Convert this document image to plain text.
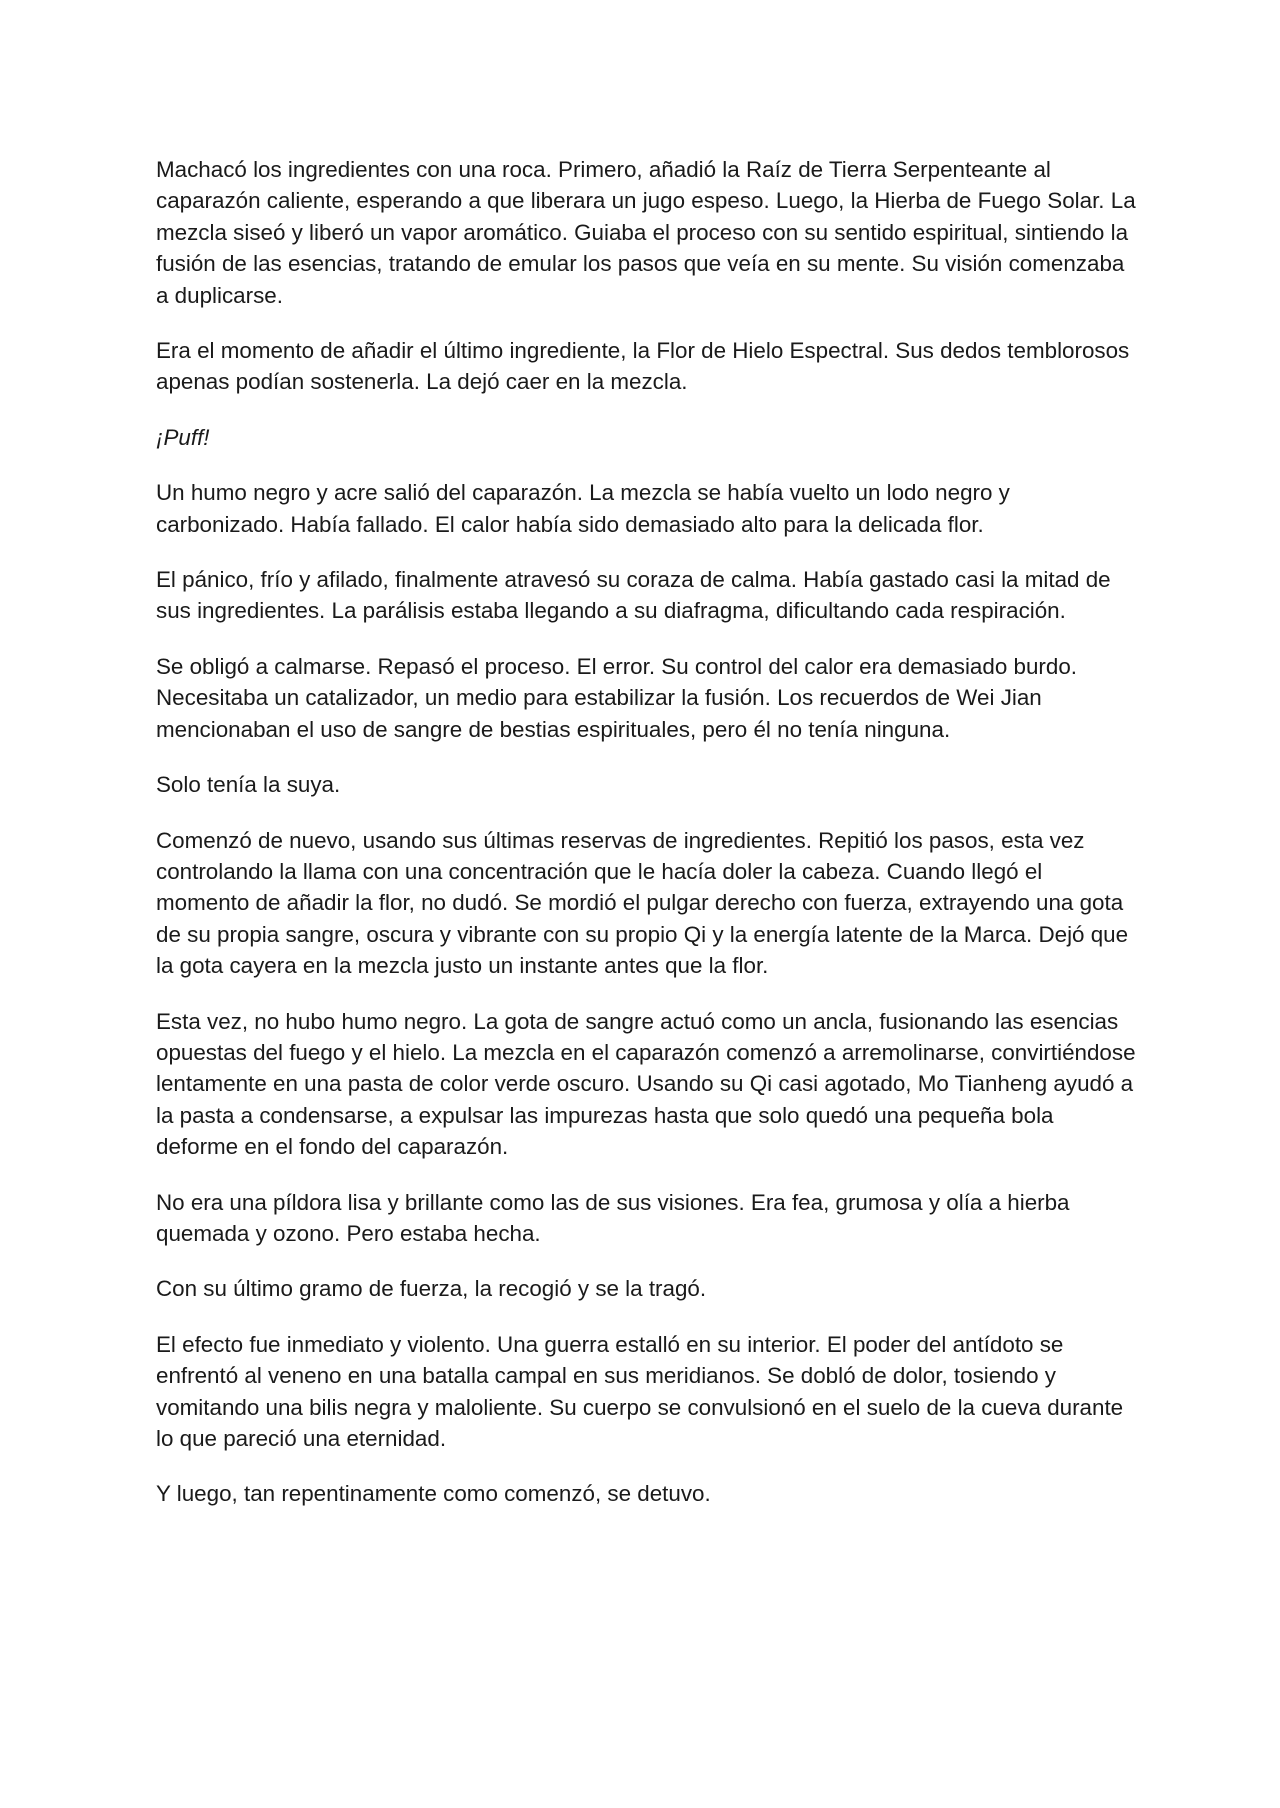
Machacó los ingredientes con una roca. Primero, añadió la Raíz de Tierra Serpenteante al caparazón caliente, esperando a que liberara un jugo espeso. Luego, la Hierba de Fuego Solar. La mezcla siseó y liberó un vapor aromático. Guiaba el proceso con su sentido espiritual, sintiendo la fusión de las esencias, tratando de emular los pasos que veía en su mente. Su visión comenzaba a duplicarse.

Era el momento de añadir el último ingrediente, la Flor de Hielo Espectral. Sus dedos temblorosos apenas podían sostenerla. La dejó caer en la mezcla.

¡Puff!

Un humo negro y acre salió del caparazón. La mezcla se había vuelto un lodo negro y carbonizado. Había fallado. El calor había sido demasiado alto para la delicada flor.

El pánico, frío y afilado, finalmente atravesó su coraza de calma. Había gastado casi la mitad de sus ingredientes. La parálisis estaba llegando a su diafragma, dificultando cada respiración.

Se obligó a calmarse. Repasó el proceso. El error. Su control del calor era demasiado burdo. Necesitaba un catalizador, un medio para estabilizar la fusión. Los recuerdos de Wei Jian mencionaban el uso de sangre de bestias espirituales, pero él no tenía ninguna.

Solo tenía la suya.

Comenzó de nuevo, usando sus últimas reservas de ingredientes. Repitió los pasos, esta vez controlando la llama con una concentración que le hacía doler la cabeza. Cuando llegó el momento de añadir la flor, no dudó. Se mordió el pulgar derecho con fuerza, extrayendo una gota de su propia sangre, oscura y vibrante con su propio Qi y la energía latente de la Marca. Dejó que la gota cayera en la mezcla justo un instante antes que la flor.

Esta vez, no hubo humo negro. La gota de sangre actuó como un ancla, fusionando las esencias opuestas del fuego y el hielo. La mezcla en el caparazón comenzó a arremolinarse, convirtiéndose lentamente en una pasta de color verde oscuro. Usando su Qi casi agotado, Mo Tianheng ayudó a la pasta a condensarse, a expulsar las impurezas hasta que solo quedó una pequeña bola deforme en el fondo del caparazón.

No era una píldora lisa y brillante como las de sus visiones. Era fea, grumosa y olía a hierba quemada y ozono. Pero estaba hecha.

Con su último gramo de fuerza, la recogió y se la tragó.

El efecto fue inmediato y violento. Una guerra estalló en su interior. El poder del antídoto se enfrentó al veneno en una batalla campal en sus meridianos. Se dobló de dolor, tosiendo y vomitando una bilis negra y maloliente. Su cuerpo se convulsionó en el suelo de la cueva durante lo que pareció una eternidad.

Y luego, tan repentinamente como comenzó, se detuvo.
